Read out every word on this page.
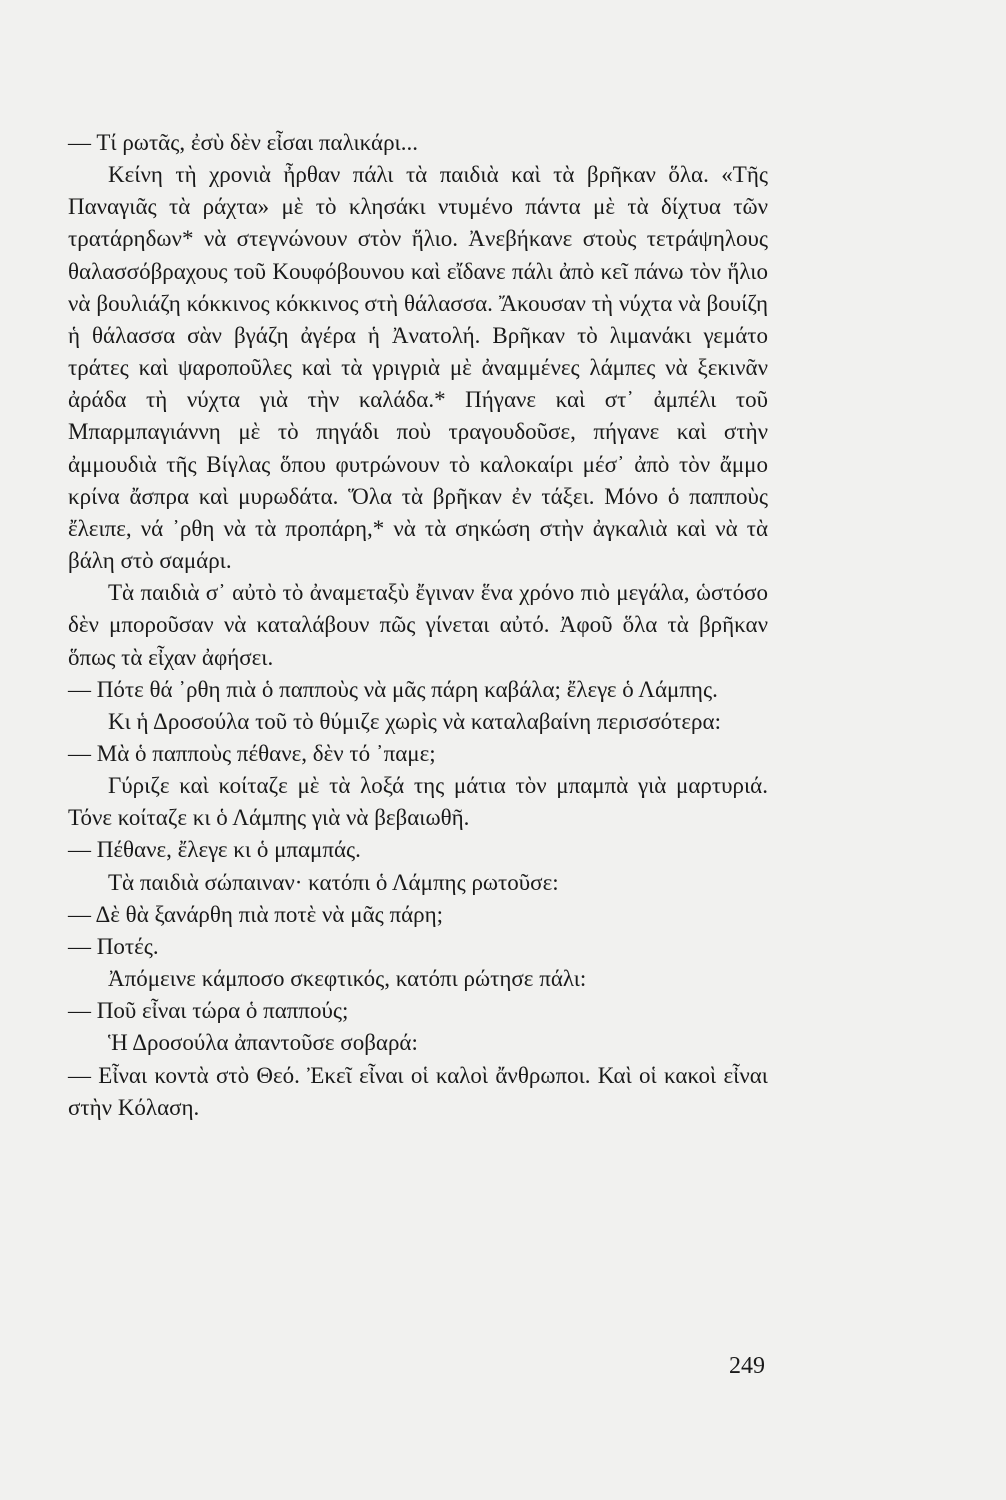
— Τί ρωτᾶς, ἐσὺ δὲν εἶσαι παλικάρι...

Κείνη τὴ χρονιὰ ἦρθαν πάλι τὰ παιδιὰ καὶ τὰ βρῆκαν ὅλα. «Τῆς Παναγιᾶς τὰ ράχτα» μὲ τὸ κλησάκι ντυμένο πάντα μὲ τὰ δίχτυα τῶν τρατάρηδων* νὰ στεγνώνουν στὸν ἥλιο. Ἀνεβήκανε στοὺς τετράψηλους θαλασσόβραχους τοῦ Κουφόβουνου καὶ εἴδανε πάλι ἀπὸ κεῖ πάνω τὸν ἥλιο νὰ βουλιάζη κόκκινος κόκκινος στὴ θάλασσα. Ἄκουσαν τὴ νύχτα νὰ βουίζη ἡ θάλασσα σὰν βγάζη ἀγέρα ἡ Ἀνατολή. Βρῆκαν τὸ λιμανάκι γεμάτο τράτες καὶ ψαροποῦλες καὶ τὰ γριγριὰ μὲ ἀναμμένες λάμπες νὰ ξεκινᾶν ἀράδα τὴ νύχτα γιὰ τὴν καλάδα.* Πήγανε καὶ στ᾿ ἀμπέλι τοῦ Μπαρμπαγιάννη μὲ τὸ πηγάδι ποὺ τραγουδοῦσε, πήγανε καὶ στὴν ἀμμουδιὰ τῆς Βίγλας ὅπου φυτρώνουν τὸ καλοκαίρι μέσ᾿ ἀπὸ τὸν ἄμμο κρίνα ἄσπρα καὶ μυρωδάτα. Ὅλα τὰ βρῆκαν ἐν τάξει. Μόνο ὁ παπποὺς ἔλειπε, νά ᾿ρθη νὰ τὰ προπάρη,* νὰ τὰ σηκώση στὴν ἀγκαλιὰ καὶ νὰ τὰ βάλη στὸ σαμάρι.

Τὰ παιδιὰ σ᾿ αὐτὸ τὸ ἀναμεταξὺ ἔγιναν ἕνα χρόνο πιὸ μεγάλα, ὡστόσο δὲν μποροῦσαν νὰ καταλάβουν πῶς γίνεται αὐτό. Ἀφοῦ ὅλα τὰ βρῆκαν ὅπως τὰ εἶχαν ἀφήσει.

— Πότε θά ᾿ρθη πιὰ ὁ παπποὺς νὰ μᾶς πάρη καβάλα; ἔλεγε ὁ Λάμπης.

Κι ἡ Δροσούλα τοῦ τὸ θύμιζε χωρὶς νὰ καταλαβαίνη περισσότερα:

— Μὰ ὁ παπποὺς πέθανε, δὲν τό ᾿παμε;

Γύριζε καὶ κοίταζε μὲ τὰ λοξά της μάτια τὸν μπαμπὰ γιὰ μαρτυριά. Τόνε κοίταζε κι ὁ Λάμπης γιὰ νὰ βεβαιωθῆ.

— Πέθανε, ἔλεγε κι ὁ μπαμπάς.

Τὰ παιδιὰ σώπαιναν· κατόπι ὁ Λάμπης ρωτοῦσε:

— Δὲ θὰ ξανάρθη πιὰ ποτὲ νὰ μᾶς πάρη;

— Ποτές.

Ἀπόμεινε κάμποσο σκεφτικός, κατόπι ρώτησε πάλι:

— Ποῦ εἶναι τώρα ὁ παππούς;

Ἡ Δροσούλα ἀπαντοῦσε σοβαρά:

— Εἶναι κοντὰ στὸ Θεό. Ἐκεῖ εἶναι οἱ καλοὶ ἄνθρωποι. Καὶ οἱ κακοὶ εἶναι στὴν Κόλαση.

249
